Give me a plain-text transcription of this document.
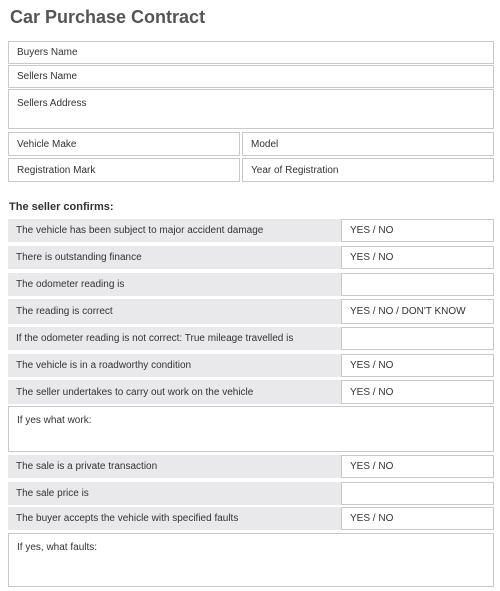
Car Purchase Contract
Buyers Name
Sellers Name
Sellers Address
Vehicle Make	Model
Registration Mark	Year of Registration
The seller confirms:
The vehicle has been subject to major accident damage	YES / NO
There is outstanding finance	YES / NO
The odometer reading is
The reading is correct	YES / NO / DON'T KNOW
If the odometer reading is not correct: True mileage travelled is
The vehicle is in a roadworthy condition	YES / NO
The seller undertakes to carry out work on the vehicle	YES / NO
If yes what work:
The sale is a private transaction	YES / NO
The sale price is
The buyer accepts the vehicle with specified faults	YES / NO
If yes, what faults:
